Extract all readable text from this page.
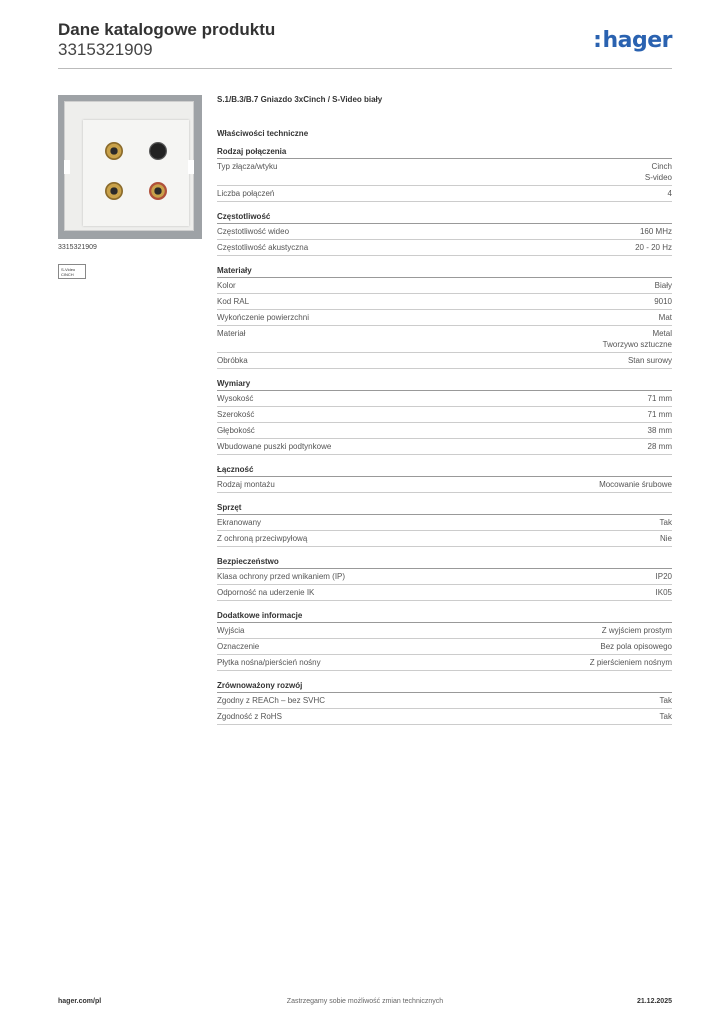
Dane katalogowe produktu
3315321909	:hager
3315321909
S-Video CINCH
S.1/B.3/B.7 Gniazdo 3xCinch / S-Video biały
Właściwości techniczne
Rodzaj połączenia
Typ złącza/wtyku	Cinch
S-video
Liczba połączeń	4
Częstotliwość
Częstotliwość wideo	160 MHz
Częstotliwość akustyczna	20 - 20 Hz
Materiały
Kolor	Biały
Kod RAL	9010
Wykończenie powierzchni	Mat
Materiał	Metal
Tworzywo sztuczne
Obróbka	Stan surowy
Wymiary
Wysokość	71 mm
Szerokość	71 mm
Głębokość	38 mm
Wbudowane puszki podtynkowe	28 mm
Łączność
Rodzaj montażu	Mocowanie śrubowe
Sprzęt
Ekranowany	Tak
Z ochroną przeciwpyłową	Nie
Bezpieczeństwo
Klasa ochrony przed wnikaniem (IP)	IP20
Odporność na uderzenie IK	IK05
Dodatkowe informacje
Wyjścia	Z wyjściem prostym
Oznaczenie	Bez pola opisowego
Płytka nośna/pierścień nośny	Z pierścieniem nośnym
Zrównoważony rozwój
Zgodny z REACh – bez SVHC	Tak
Zgodność z RoHS	Tak
hager.com/pl	Zastrzegamy sobie możliwość zmian technicznych	21.12.2025
